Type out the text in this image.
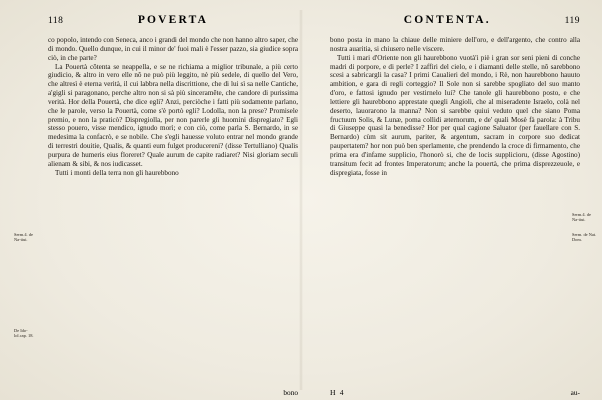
118	POVERTA

co popolo, intendo con Seneca, anco i grandi del mondo che non hanno altro saper, che di mondo. Quello dunque, in cui il minor de' fuoi mali è l'esser pazzo, sia giudice sopra ciò, in che parte?

La Pouertà cōtenta se neappella, e se ne richiama a miglior tribunale, a più certo giudicio, & altro in vero elle nõ ne può più leggito, nè più sedele, di quello del Vero, che altresì è eterna verità, il cui labbra nella discrittione, che di lui sì sa nelle Cantiche, a'gigli si paragonano, perche altro non si sà più sinceramēte, che candore di purissima verità. Hor della Pouertà, che dice egli? Anzi, perciòche i fatti più sodamente parlano, che le parole, verso la Pouertà, come s'è portò egli? Lodolla, non la prese? Promisele premio, e non la praticò? Dispregiolla, per non parerle gli huomini dispregiato? Egli stesso pouero, visse mendico, ignudo morì; e con ciò, come parla S. Bernardo, in se medesima la confacrò, e se nobile. Che s'egli hauesse voluto entrar nel mondo grande di terrestri douitie, Qualis, & quanti eum fulget producereni? (disse Tertulliano) Qualis purpura de humeris eius floreret? Quale aurum de capite radiaret? Nisi gloriam seculi alienam & sibi, & nos iudicasset.

Tutti i monti della terra non gli haurebbono

CONTENTA.	119

bono posta in mano la chiaue delle miniere dell'oro, e dell'argento, che contro alla nostra auaritia, si chiusero nelle viscere.

Tutti i mari d'Oriente non gli haurebbono vuotà'i piè i gran sor seni pieni di conche madri di porpore, e di perle? I zaffiri del cielo, e i diamanti delle stelle, nõ sarebbono scesi a sabricargli la casa? I primi Caualieri del mondo, i Rè, non haurebbono hauuto ambition, e gara di regli corteggio? Il Sole non si sarebbe spogliato del suo manto d'oro, e fattosi ignudo per vestirnelo lui? Che tanole gli haurebbono posto, e che lettiere gli haurebbono apprestate quegli Angioli, che al miseradente Israelo, colà nel deserto, lauorarono la manna? Non si sarebbe quiui veduto quel che siano Poma fructuum Solis, & Lunæ, poma collidi æternorum, e de' quali Mosè fà parola: à Tribu di Giuseppe quasi la benedisse? Hor per qual cagione Saluator (per fauellare con S. Bernardo) cùm sit aurum, pariter, & argentum, sacram in corpore suo dedicat paupertatem? hor non può ben sperlamente, che prendendo la croce di firmamento, che prima era d'infame supplicio, l'honorò si, che de locis supplicioru, (disse Agostino) transitum fecit ad frontes Imperatorum; anche la pouertà, che prima disprezzeuole, e dispregiata, fosse in

Serm.4. de Na-tiui.
De Ido-lol.cap. 18.
Serm.4. de Na-tiui.
Serm. de Nat. Dom.
bono	H 4	au-
